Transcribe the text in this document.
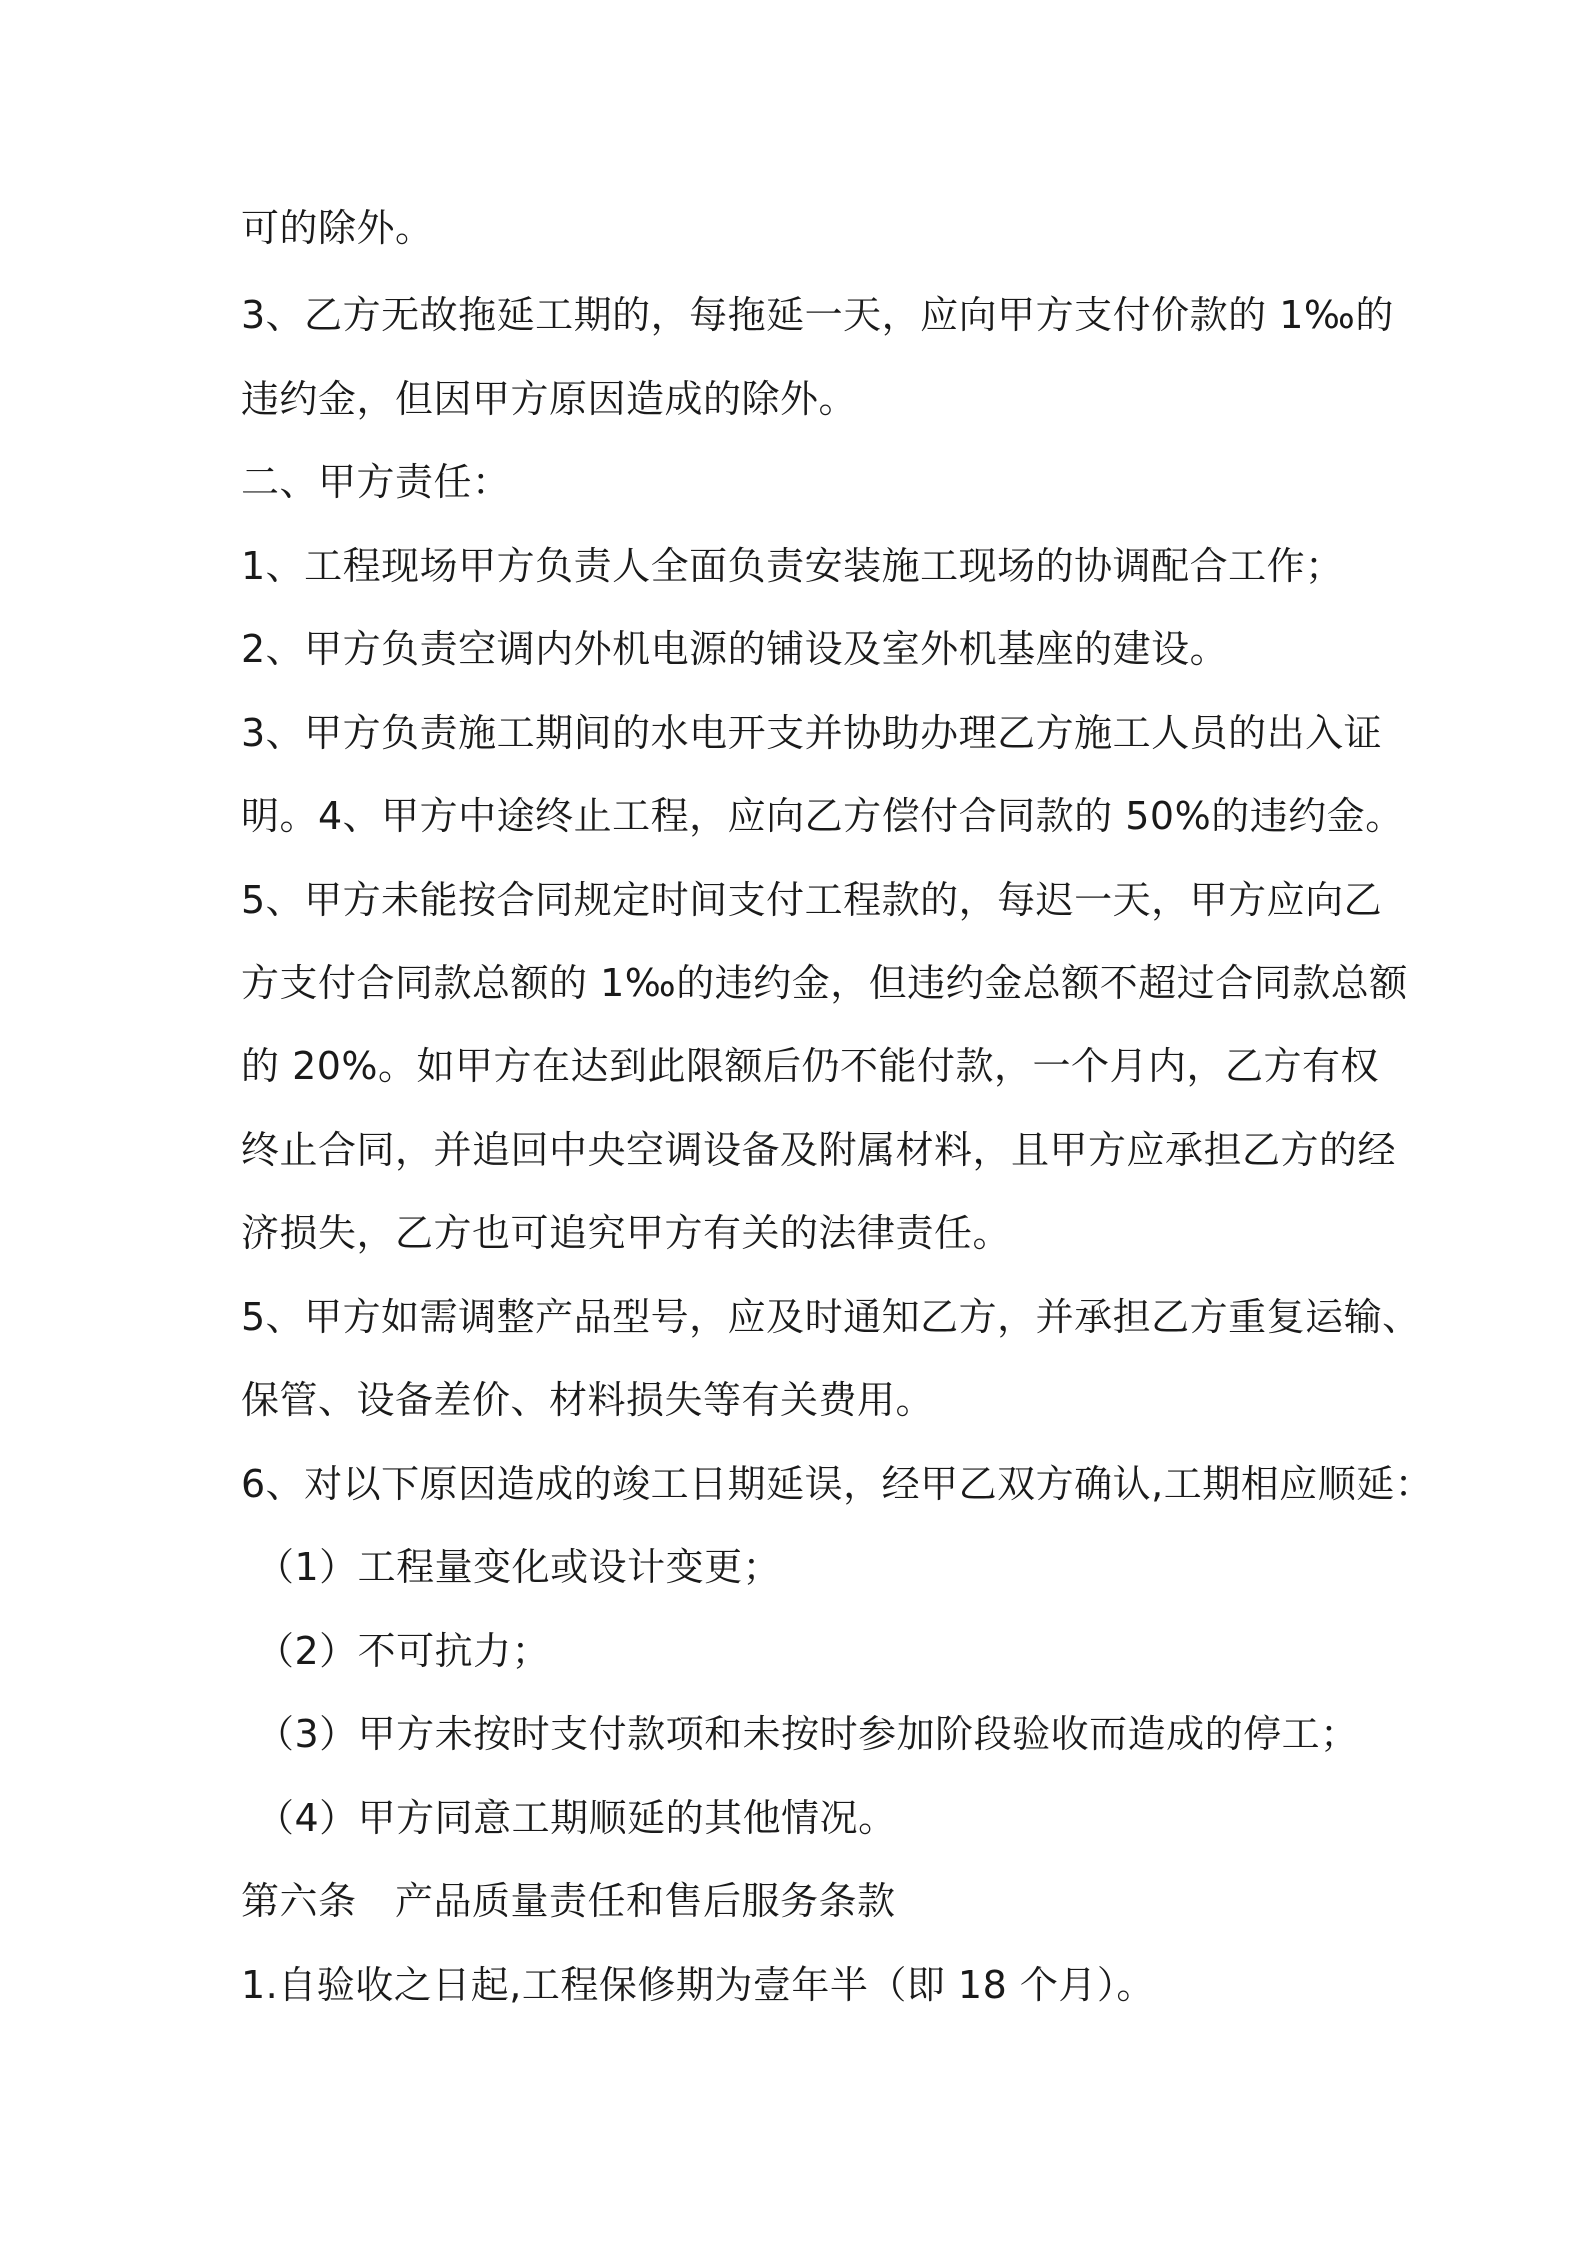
可的除外。
3、乙方无故拖延工期的，每拖延一天，应向甲方支付价款的 1‰的
违约金，但因甲方原因造成的除外。
二、甲方责任：
1、工程现场甲方负责人全面负责安装施工现场的协调配合工作；
2、甲方负责空调内外机电源的铺设及室外机基座的建设。
3、甲方负责施工期间的水电开支并协助办理乙方施工人员的出入证
明。4、甲方中途终止工程，应向乙方偿付合同款的 50%的违约金。
5、甲方未能按合同规定时间支付工程款的，每迟一天，甲方应向乙
方支付合同款总额的 1‰的违约金，但违约金总额不超过合同款总额
的 20%。如甲方在达到此限额后仍不能付款，一个月内，乙方有权
终止合同，并追回中央空调设备及附属材料，且甲方应承担乙方的经
济损失，乙方也可追究甲方有关的法律责任。
5、甲方如需调整产品型号，应及时通知乙方，并承担乙方重复运输、
保管、设备差价、材料损失等有关费用。
6、对以下原因造成的竣工日期延误，经甲乙双方确认,工期相应顺延：
（1）工程量变化或设计变更；
（2）不可抗力；
（3）甲方未按时支付款项和未按时参加阶段验收而造成的停工；
（4）甲方同意工期顺延的其他情况。
第六条　产品质量责任和售后服务条款
1.自验收之日起,工程保修期为壹年半（即 18 个月）。
